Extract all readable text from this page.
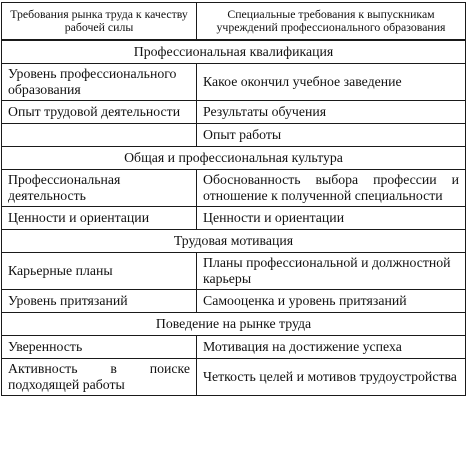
Требования рынка труда к качеству рабочей силы	Специальные требования к выпускникам учреждений профессионального образования
Профессиональная квалификация	
Уровень профессионального образования	Какое окончил учебное заведение
Опыт трудовой деятельности	Результаты обучения
	Опыт работы
Общая и профессиональная культура	
Профессиональная деятельность	Обоснованность выбора профессии и отношение к полученной специальности
Ценности и ориентации	Ценности и ориентации
Трудовая мотивация	
Карьерные планы	Планы профессиональной и должностной карьеры
Уровень притязаний	Самооценка и уровень притязаний
Поведение на рынке труда	
Уверенность	Мотивация на достижение успеха
Активность в поиске подходящей работы	Четкость целей и мотивов трудоустройства
